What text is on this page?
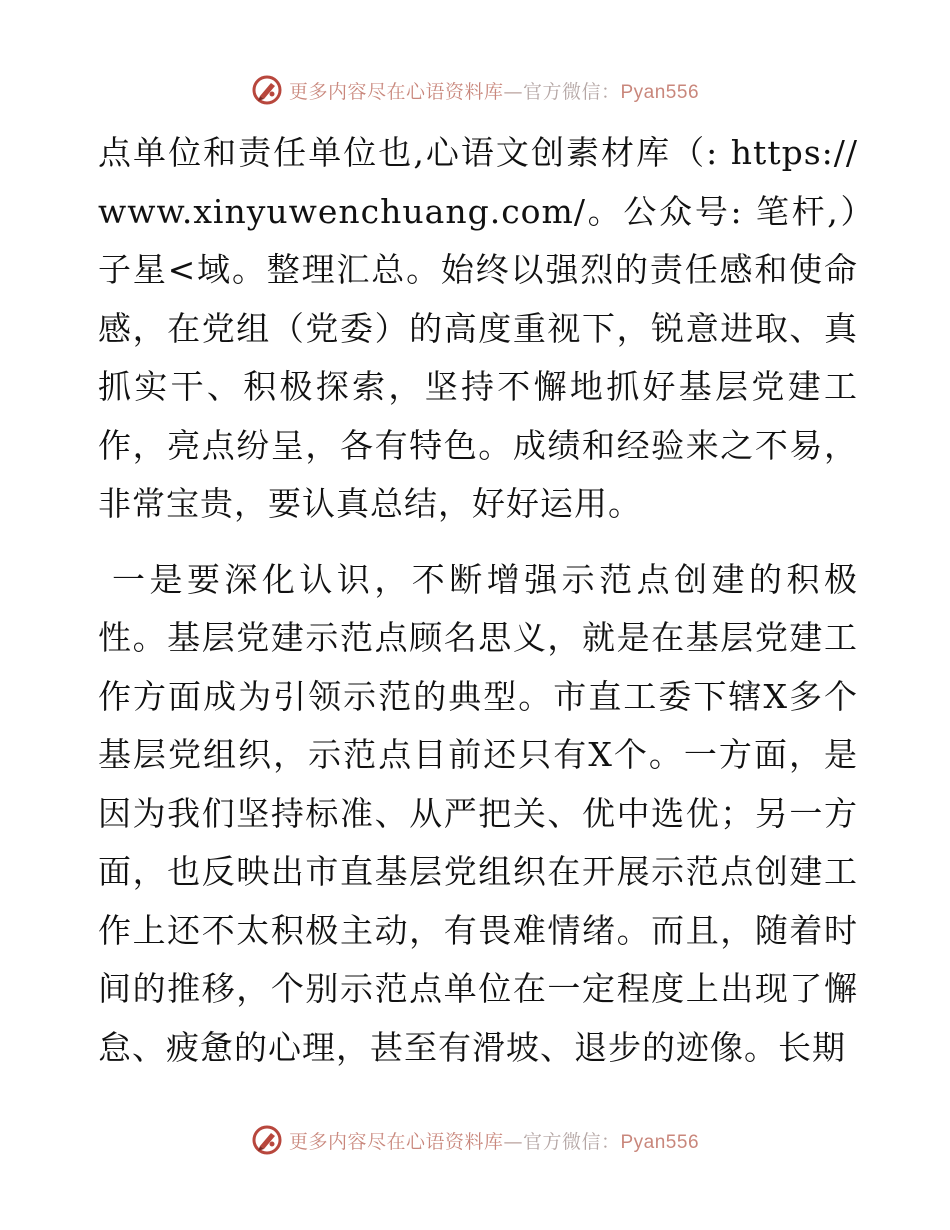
更多内容尽在心语资料库—官方微信：Pyan556

点单位和责任单位也,心语文创素材库（: https://www.xinyuwenchuang.com/。公众号: 笔杆,）子星<域。整理汇总。始终以强烈的责任感和使命感，在党组（党委）的高度重视下，锐意进取、真抓实干、积极探索，坚持不懈地抓好基层党建工作，亮点纷呈，各有特色。成绩和经验来之不易，非常宝贵，要认真总结，好好运用。

一是要深化认识，不断增强示范点创建的积极性。基层党建示范点顾名思义，就是在基层党建工作方面成为引领示范的典型。市直工委下辖X多个基层党组织，示范点目前还只有X个。一方面，是因为我们坚持标准、从严把关、优中选优；另一方面，也反映出市直基层党组织在开展示范点创建工作上还不太积极主动，有畏难情绪。而且，随着时间的推移，个别示范点单位在一定程度上出现了懈怠、疲惫的心理，甚至有滑坡、退步的迹像。长期

更多内容尽在心语资料库—官方微信：Pyan556
